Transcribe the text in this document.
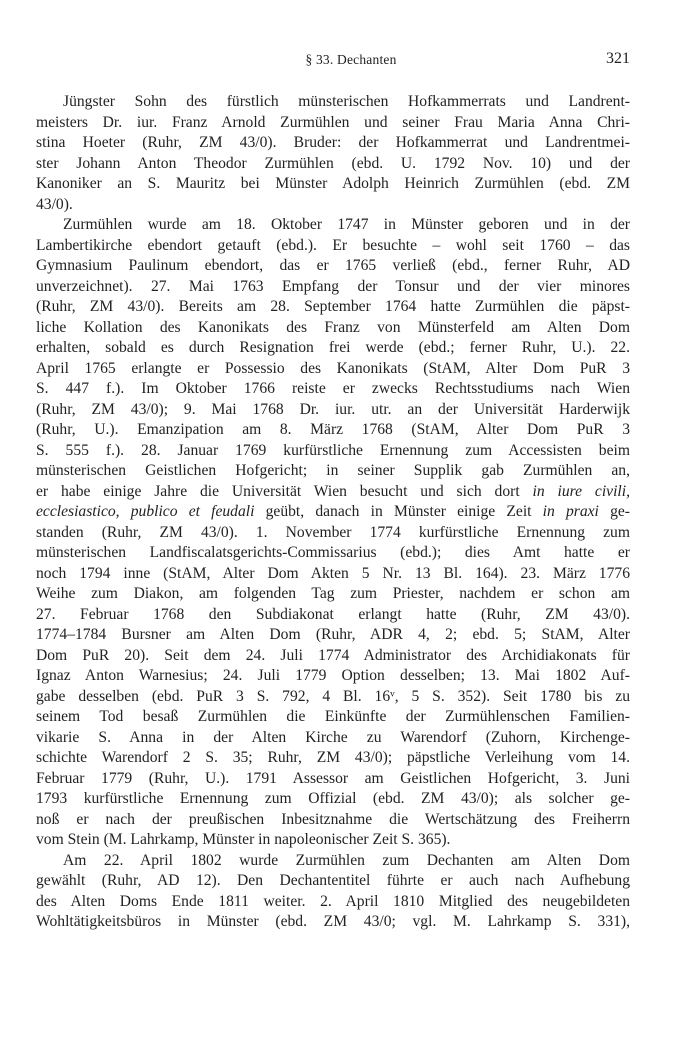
§ 33. Dechanten	321
Jüngster Sohn des fürstlich münsterischen Hofkammerrats und Landrent-
meisters Dr. iur. Franz Arnold Zurmühlen und seiner Frau Maria Anna Chri-
stina Hoeter (Ruhr, ZM 43/0). Bruder: der Hofkammerrat und Landrentmei-
ster Johann Anton Theodor Zurmühlen (ebd. U. 1792 Nov. 10) und der
Kanoniker an S. Mauritz bei Münster Adolph Heinrich Zurmühlen (ebd. ZM
43/0).
Zurmühlen wurde am 18. Oktober 1747 in Münster geboren und in der
Lambertikirche ebendort getauft (ebd.). Er besuchte – wohl seit 1760 – das
Gymnasium Paulinum ebendort, das er 1765 verließ (ebd., ferner Ruhr, AD
unverzeichnet). 27. Mai 1763 Empfang der Tonsur und der vier minores
(Ruhr, ZM 43/0). Bereits am 28. September 1764 hatte Zurmühlen die päpst-
liche Kollation des Kanonikats des Franz von Münsterfeld am Alten Dom
erhalten, sobald es durch Resignation frei werde (ebd.; ferner Ruhr, U.). 22.
April 1765 erlangte er Possessio des Kanonikats (StAM, Alter Dom PuR 3
S. 447 f.). Im Oktober 1766 reiste er zwecks Rechtsstudiums nach Wien
(Ruhr, ZM 43/0); 9. Mai 1768 Dr. iur. utr. an der Universität Harderwijk
(Ruhr, U.). Emanzipation am 8. März 1768 (StAM, Alter Dom PuR 3
S. 555 f.). 28. Januar 1769 kurfürstliche Ernennung zum Accessisten beim
münsterischen Geistlichen Hofgericht; in seiner Supplik gab Zurmühlen an,
er habe einige Jahre die Universität Wien besucht und sich dort in iure civili,
ecclesiastico, publico et feudali geübt, danach in Münster einige Zeit in praxi ge-
standen (Ruhr, ZM 43/0). 1. November 1774 kurfürstliche Ernennung zum
münsterischen Landfiscalatsgerichts-Commissarius (ebd.); dies Amt hatte er
noch 1794 inne (StAM, Alter Dom Akten 5 Nr. 13 Bl. 164). 23. März 1776
Weihe zum Diakon, am folgenden Tag zum Priester, nachdem er schon am
27. Februar 1768 den Subdiakonat erlangt hatte (Ruhr, ZM 43/0).
1774–1784 Bursner am Alten Dom (Ruhr, ADR 4, 2; ebd. 5; StAM, Alter
Dom PuR 20). Seit dem 24. Juli 1774 Administrator des Archidiakonats für
Ignaz Anton Warnesius; 24. Juli 1779 Option desselben; 13. Mai 1802 Auf-
gabe desselben (ebd. PuR 3 S. 792, 4 Bl. 16ᵛ, 5 S. 352). Seit 1780 bis zu
seinem Tod besaß Zurmühlen die Einkünfte der Zurmühlenschen Familien-
vikarie S. Anna in der Alten Kirche zu Warendorf (Zuhorn, Kirchenge-
schichte Warendorf 2 S. 35; Ruhr, ZM 43/0); päpstliche Verleihung vom 14.
Februar 1779 (Ruhr, U.). 1791 Assessor am Geistlichen Hofgericht, 3. Juni
1793 kurfürstliche Ernennung zum Offizial (ebd. ZM 43/0); als solcher ge-
noß er nach der preußischen Inbesitznahme die Wertschätzung des Freiherrn
vom Stein (M. Lahrkamp, Münster in napoleonischer Zeit S. 365).
Am 22. April 1802 wurde Zurmühlen zum Dechanten am Alten Dom
gewählt (Ruhr, AD 12). Den Dechantentitel führte er auch nach Aufhebung
des Alten Doms Ende 1811 weiter. 2. April 1810 Mitglied des neugebildeten
Wohltätigkeitsbüros in Münster (ebd. ZM 43/0; vgl. M. Lahrkamp S. 331),
